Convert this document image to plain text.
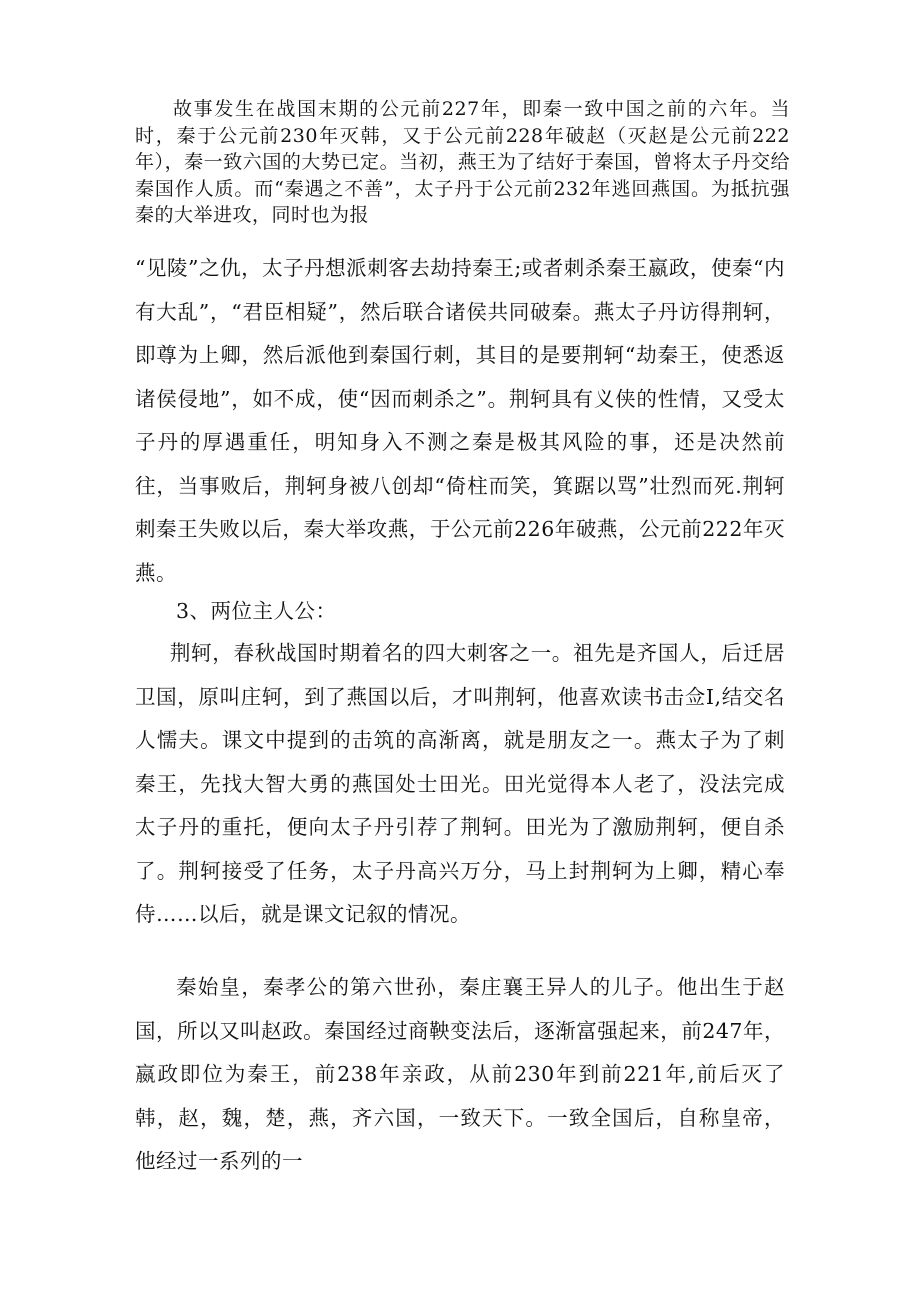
故事发生在战国末期的公元前227年，即秦一致中国之前的六年。当时，秦于公元前230年灭韩，又于公元前228年破赵（灭赵是公元前222年），秦一致六国的大势已定。当初，燕王为了结好于秦国，曾将太子丹交给秦国作人质。而“秦遇之不善”，太子丹于公元前232年逃回燕国。为抵抗强秦的大举进攻，同时也为报

“见陵”之仇，太子丹想派刺客去劫持秦王;或者刺杀秦王嬴政，使秦“内有大乱”，“君臣相疑”，然后联合诸侯共同破秦。燕太子丹访得荆轲，即尊为上卿，然后派他到秦国行刺，其目的是要荆轲“劫秦王，使悉返诸侯侵地”，如不成，使“因而刺杀之”。荆轲具有义侠的性情，又受太子丹的厚遇重任，明知身入不测之秦是极其风险的事，还是决然前往，当事败后，荆轲身被八创却“倚柱而笑，箕踞以骂”壮烈而死.荆轲刺秦王失败以后，秦大举攻燕，于公元前226年破燕，公元前222年灭燕。

3、两位主人公：

荆轲，春秋战国时期着名的四大刺客之一。祖先是齐国人，后迁居卫国，原叫庄轲，到了燕国以后，才叫荆轲，他喜欢读书击佥I,结交名人懦夫。课文中提到的击筑的高渐离，就是朋友之一。燕太子为了刺秦王，先找大智大勇的燕国处士田光。田光觉得本人老了，没法完成太子丹的重托，便向太子丹引荐了荆轲。田光为了激励荆轲，便自杀了。荆轲接受了任务，太子丹高兴万分，马上封荆轲为上卿，精心奉侍……以后，就是课文记叙的情况。

秦始皇，秦孝公的第六世孙，秦庄襄王异人的儿子。他出生于赵国，所以又叫赵政。秦国经过商鞅变法后，逐渐富强起来，前247年，嬴政即位为秦王，前238年亲政，从前230年到前221年,前后灭了韩，赵，魏，楚，燕，齐六国，一致天下。一致全国后，自称皇帝，他经过一系列的一
